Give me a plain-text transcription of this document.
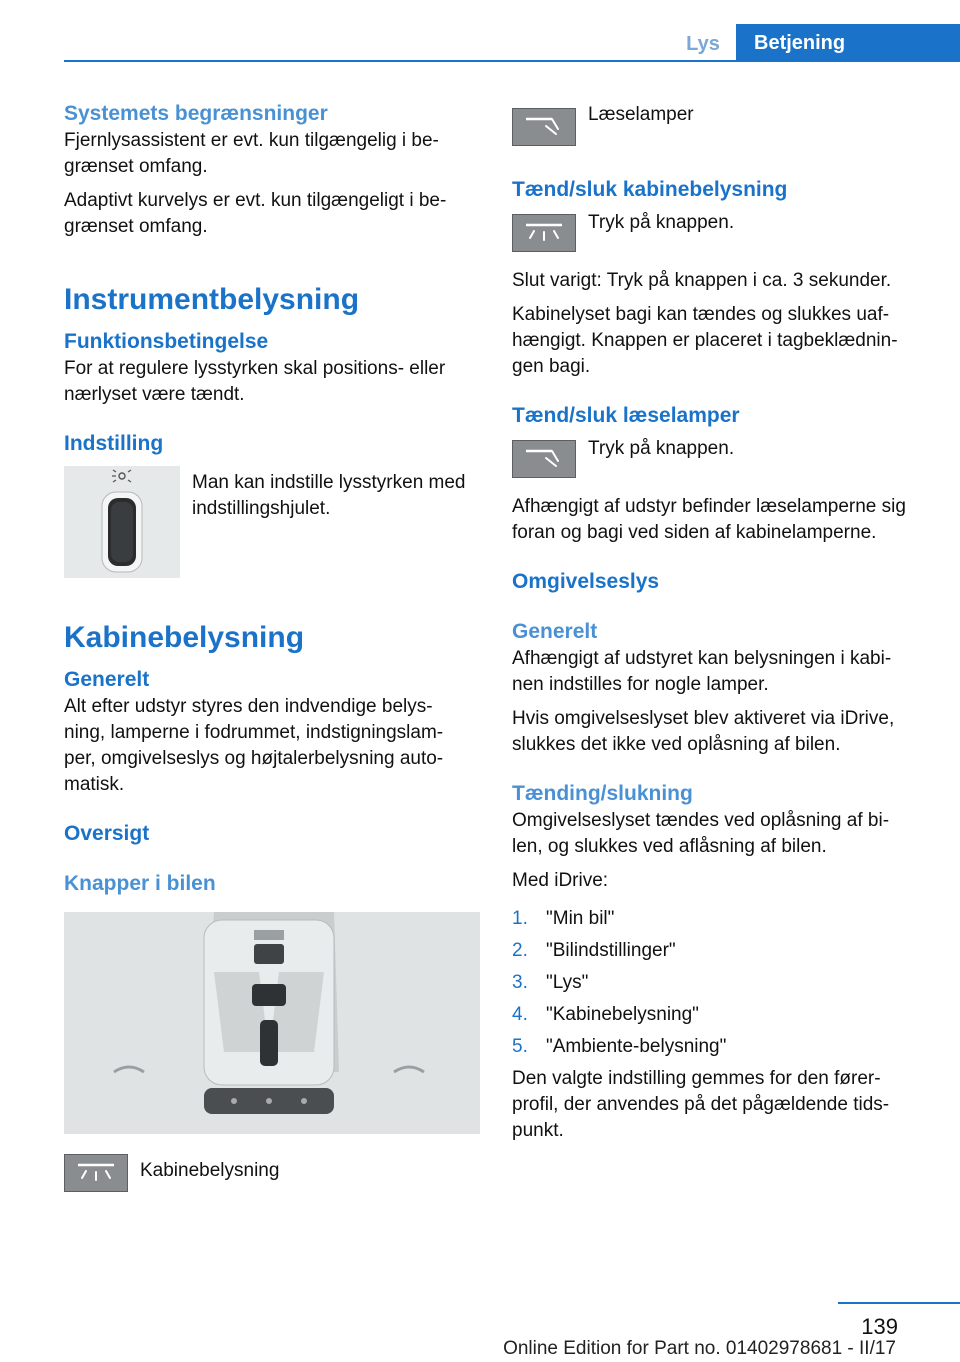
Lys	Betjening
Systemets begrænsninger

Fjernlysassistent er evt. kun tilgængelig i be-
grænset omfang.

Adaptivt kurvelys er evt. kun tilgængeligt i be-
grænset omfang.

Instrumentbelysning
Funktionsbetingelse

For at regulere lysstyrken skal positions- eller
nærlyset være tændt.

Indstilling
Man kan indstille lysstyrken med
indstillingshjulet.
Kabinebelysning
Generelt

Alt efter udstyr styres den indvendige belys-
ning, lamperne i fodrummet, indstigningslam-
per, omgivelseslys og højtalerbelysning auto-
matisk.

Oversigt
Knapper i bilen
Kabinebelysning
Læselamper
Tænd/sluk kabinebelysning
Tryk på knappen.

Slut varigt: Tryk på knappen i ca. 3 sekunder.

Kabinelyset bagi kan tændes og slukkes uaf-
hængigt. Knappen er placeret i tagbeklædnin-
gen bagi.

Tænd/sluk læselamper
Tryk på knappen.

Afhængigt af udstyr befinder læselamperne sig
foran og bagi ved siden af kabinelamperne.

Omgivelseslys
Generelt

Afhængigt af udstyret kan belysningen i kabi-
nen indstilles for nogle lamper.

Hvis omgivelseslyset blev aktiveret via iDrive,
slukkes det ikke ved oplåsning af bilen.

Tænding/slukning

Omgivelseslyset tændes ved oplåsning af bi-
len, og slukkes ved aflåsning af bilen.

Med iDrive:

1. "Min bil"
2. "Bilindstillinger"
3. "Lys"
4. "Kabinebelysning"
5. "Ambiente-belysning"

Den valgte indstilling gemmes for den fører-
profil, der anvendes på det pågældende tids-
punkt.

139
Online Edition for Part no. 01402978681 - II/17
